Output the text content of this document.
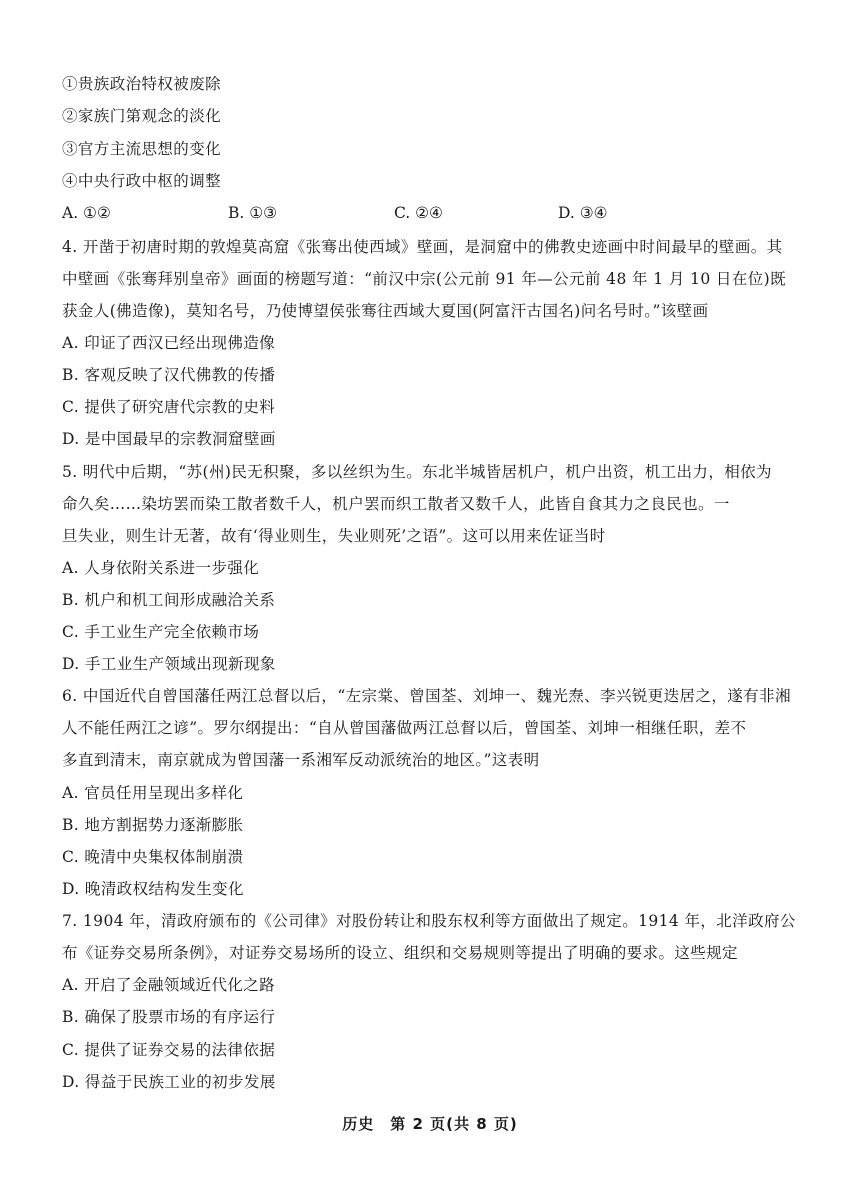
①贵族政治特权被废除
②家族门第观念的淡化
③官方主流思想的变化
④中央行政中枢的调整
A. ①②	B. ①③	C. ②④	D. ③④
4. 开凿于初唐时期的敦煌莫高窟《张骞出使西域》壁画，是洞窟中的佛教史迹画中时间最早的壁画。其
中壁画《张骞拜别皇帝》画面的榜题写道：“前汉中宗(公元前 91 年—公元前 48 年 1 月 10 日在位)既
获金人(佛造像)，莫知名号，乃使博望侯张骞往西域大夏国(阿富汗古国名)问名号时。”该壁画
A. 印证了西汉已经出现佛造像
B. 客观反映了汉代佛教的传播
C. 提供了研究唐代宗教的史料
D. 是中国最早的宗教洞窟壁画
5. 明代中后期，“苏(州)民无积聚，多以丝织为生。东北半城皆居机户，机户出资，机工出力，相依为
命久矣……染坊罢而染工散者数千人，机户罢而织工散者又数千人，此皆自食其力之良民也。一
旦失业，则生计无著，故有‘得业则生，失业则死’之语”。这可以用来佐证当时
A. 人身依附关系进一步强化
B. 机户和机工间形成融洽关系
C. 手工业生产完全依赖市场
D. 手工业生产领域出现新现象
6. 中国近代自曾国藩任两江总督以后，“左宗棠、曾国荃、刘坤一、魏光焘、李兴锐更迭居之，遂有非湘
人不能任两江之谚”。罗尔纲提出：“自从曾国藩做两江总督以后，曾国荃、刘坤一相继任职，差不
多直到清末，南京就成为曾国藩一系湘军反动派统治的地区。”这表明
A. 官员任用呈现出多样化
B. 地方割据势力逐渐膨胀
C. 晚清中央集权体制崩溃
D. 晚清政权结构发生变化
7. 1904 年，清政府颁布的《公司律》对股份转让和股东权利等方面做出了规定。1914 年，北洋政府公
布《证券交易所条例》，对证券交易场所的设立、组织和交易规则等提出了明确的要求。这些规定
A. 开启了金融领域近代化之路
B. 确保了股票市场的有序运行
C. 提供了证券交易的法律依据
D. 得益于民族工业的初步发展
历史　第 2 页(共 8 页)
